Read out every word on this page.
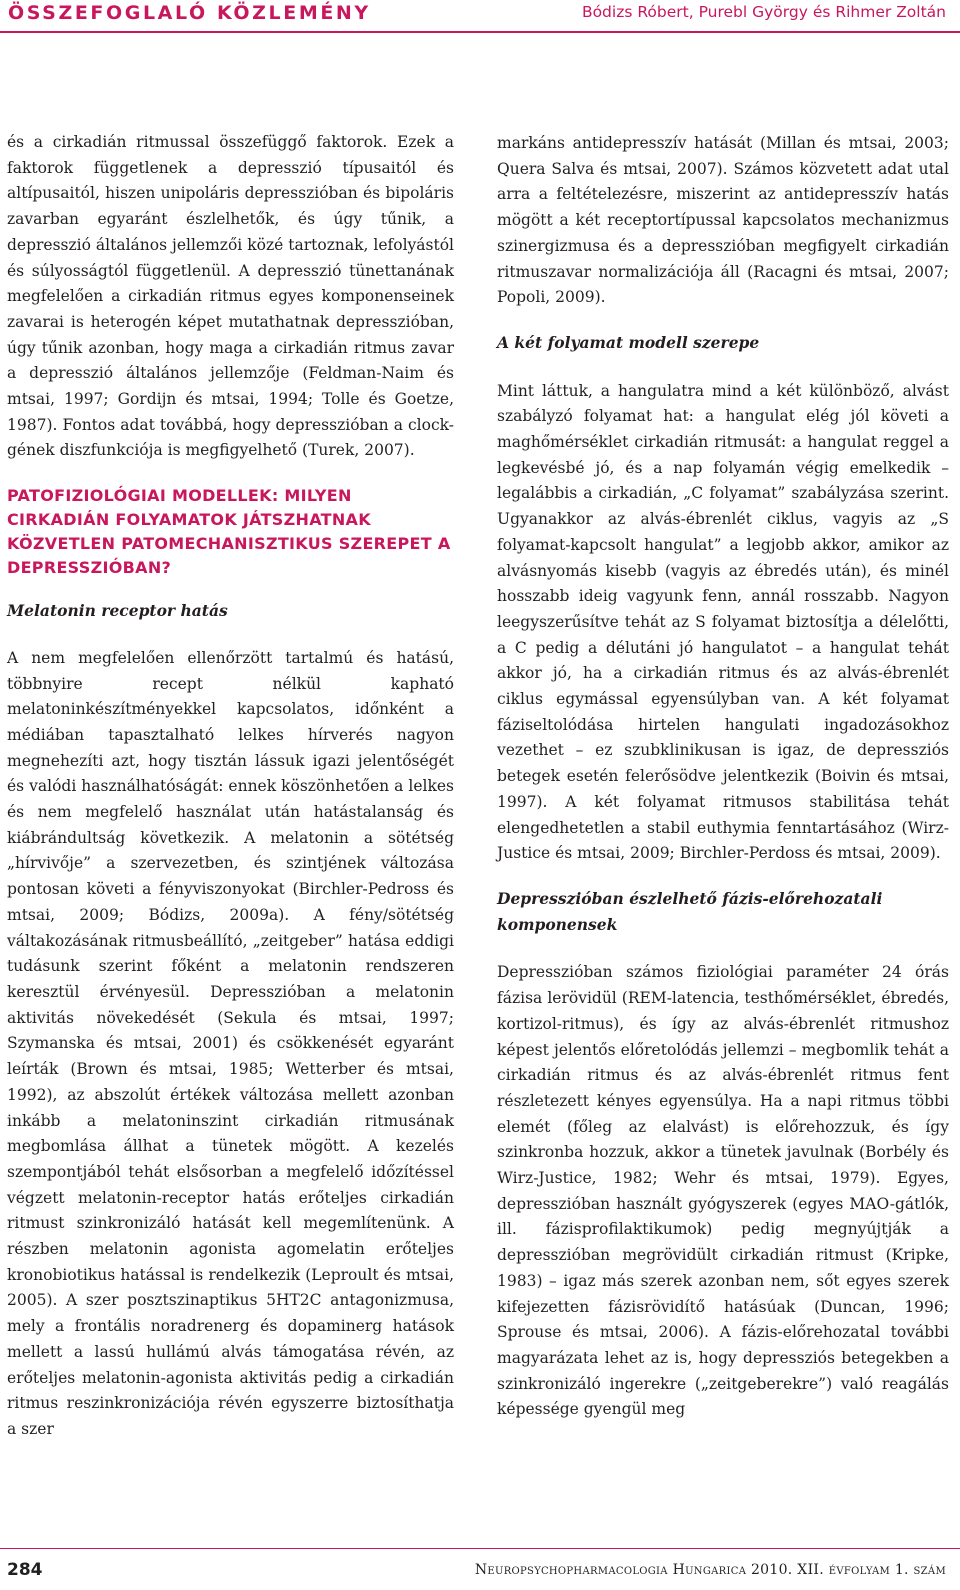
ÖSSZEFOGLALÓ KÖZLEMÉNY	Bódizs Róbert, Purebl György és Rihmer Zoltán

és a cirkadián ritmussal összefüggő faktorok. Ezek a faktorok függetlenek a depresszió típusaitól és altípusaitól, hiszen unipoláris depresszióban és bipoláris zavarban egyaránt észlelhetők, és úgy tűnik, a depresszió általános jellemzői közé tartoznak, lefolyástól és súlyosságtól függetlenül. A depresszió tünettanának megfelelően a cirkadián ritmus egyes komponenseinek zavarai is heterogén képet mutathatnak depresszióban, úgy tűnik azonban, hogy maga a cirkadián ritmus zavar a depresszió általános jellemzője (Feldman-Naim és mtsai, 1997; Gordijn és mtsai, 1994; Tolle és Goetze, 1987). Fontos adat továbbá, hogy depresszióban a clock-gének diszfunkciója is megfigyelhető (Turek, 2007).

PATOFIZIOLÓGIAI MODELLEK: MILYEN CIRKADIÁN FOLYAMATOK JÁTSZHATNAK KÖZVETLEN PATOMECHANISZTIKUS SZEREPET A DEPRESSZIÓBAN?
Melatonin receptor hatás

A nem megfelelően ellenőrzött tartalmú és hatású, többnyire recept nélkül kapható melatoninkészítményekkel kapcsolatos, időnként a médiában tapasztalható lelkes hírverés nagyon megnehezíti azt, hogy tisztán lássuk igazi jelentőségét és valódi használhatóságát: ennek köszönhetően a lelkes és nem megfelelő használat után hatástalanság és kiábrándultság következik. A melatonin a sötétség „hírvivője” a szervezetben, és szintjének változása pontosan követi a fényviszonyokat (Birchler-Pedross és mtsai, 2009; Bódizs, 2009a). A fény/sötétség váltakozásának ritmusbeállító, „zeitgeber” hatása eddigi tudásunk szerint főként a melatonin rendszeren keresztül érvényesül. Depresszióban a melatonin aktivitás növekedését (Sekula és mtsai, 1997; Szymanska és mtsai, 2001) és csökkenését egyaránt leírták (Brown és mtsai, 1985; Wetterber és mtsai, 1992), az abszolút értékek változása mellett azonban inkább a melatoninszint cirkadián ritmusának megbomlása állhat a tünetek mögött. A kezelés szempontjából tehát elsősorban a megfelelő időzítéssel végzett melatonin-receptor hatás erőteljes cirkadián ritmust szinkronizáló hatását kell megemlítenünk. A részben melatonin agonista agomelatin erőteljes kronobiotikus hatással is rendelkezik (Leproult és mtsai, 2005). A szer posztszinaptikus 5HT2C antagonizmusa, mely a frontális noradrenerg és dopaminerg hatások mellett a lassú hullámú alvás támogatása révén, az erőteljes melatonin-agonista aktivitás pedig a cirkadián ritmus reszinkronizációja révén egyszerre biztosíthatja a szer

markáns antidepresszív hatását (Millan és mtsai, 2003; Quera Salva és mtsai, 2007). Számos közvetett adat utal arra a feltételezésre, miszerint az antidepresszív hatás mögött a két receptortípussal kapcsolatos mechanizmus szinergizmusa és a depresszióban megfigyelt cirkadián ritmuszavar normalizációja áll (Racagni és mtsai, 2007; Popoli, 2009).

A két folyamat modell szerepe

Mint láttuk, a hangulatra mind a két különböző, alvást szabályzó folyamat hat: a hangulat elég jól követi a maghőmérséklet cirkadián ritmusát: a hangulat reggel a legkevésbé jó, és a nap folyamán végig emelkedik – legalábbis a cirkadián, „C folyamat” szabályzása szerint. Ugyanakkor az alvás-ébrenlét ciklus, vagyis az „S folyamat-kapcsolt hangulat” a legjobb akkor, amikor az alvásnyomás kisebb (vagyis az ébredés után), és minél hosszabb ideig vagyunk fenn, annál rosszabb. Nagyon leegyszerűsítve tehát az S folyamat biztosítja a délelőtti, a C pedig a délutáni jó hangulatot – a hangulat tehát akkor jó, ha a cirkadián ritmus és az alvás-ébrenlét ciklus egymással egyensúlyban van. A két folyamat fáziseltolódása hirtelen hangulati ingadozásokhoz vezethet – ez szubklinikusan is igaz, de depressziós betegek esetén felerősödve jelentkezik (Boivin és mtsai, 1997). A két folyamat ritmusos stabilitása tehát elengedhetetlen a stabil euthymia fenntartásához (Wirz-Justice és mtsai, 2009; Birchler-Perdoss és mtsai, 2009).

Depresszióban észlelhető fázis-előrehozatali komponensek

Depresszióban számos fiziológiai paraméter 24 órás fázisa lerövidül (REM-latencia, testhőmérséklet, ébredés, kortizol-ritmus), és így az alvás-ébrenlét ritmushoz képest jelentős előretolódás jellemzi – megbomlik tehát a cirkadián ritmus és az alvás-ébrenlét ritmus fent részletezett kényes egyensúlya. Ha a napi ritmus többi elemét (főleg az elalvást) is előrehozzuk, és így szinkronba hozzuk, akkor a tünetek javulnak (Borbély és Wirz-Justice, 1982; Wehr és mtsai, 1979). Egyes, depresszióban használt gyógyszerek (egyes MAO-gátlók, ill. fázisprofilaktikumok) pedig megnyújtják a depresszióban megrövidült cirkadián ritmust (Kripke, 1983) – igaz más szerek azonban nem, sőt egyes szerek kifejezetten fázisrövidítő hatásúak (Duncan, 1996; Sprouse és mtsai, 2006). A fázis-előrehozatal további magyarázata lehet az is, hogy depressziós betegekben a szinkronizáló ingerekre („zeitgeberekre”) való reagálás képessége gyengül meg

284	Neuropsychopharmacologia Hungarica 2010. XII. évfolyam 1. szám
